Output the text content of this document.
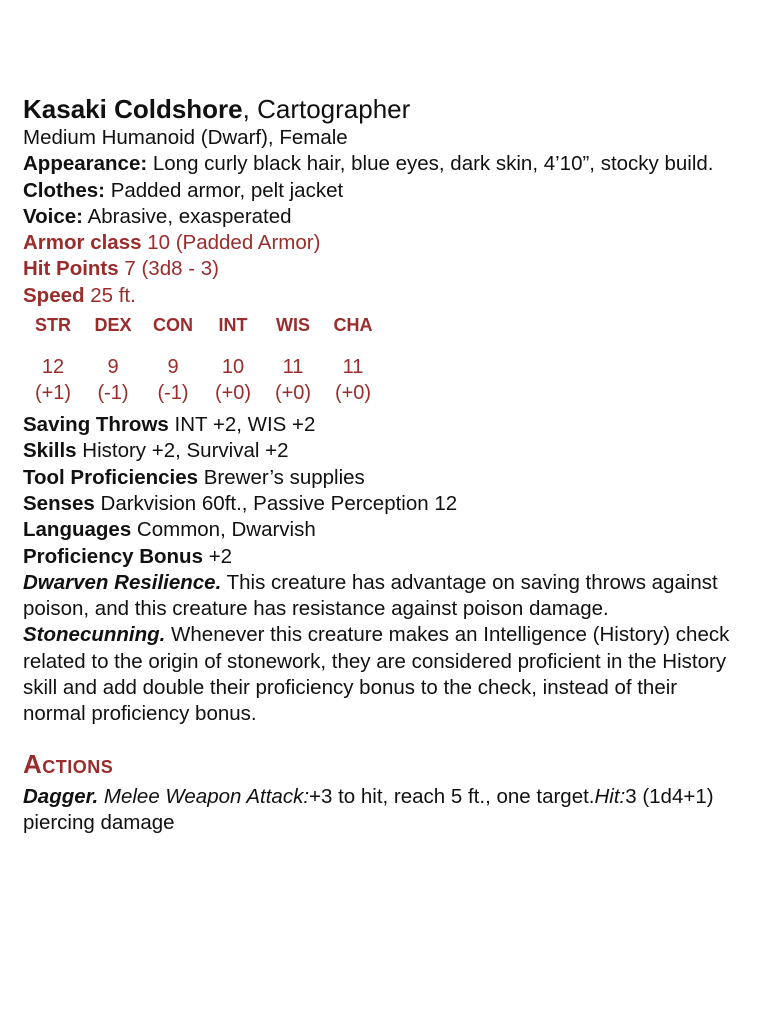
Kasaki Coldshore, Cartographer

Medium Humanoid (Dwarf), Female

Appearance: Long curly black hair, blue eyes, dark skin, 4’10”, stocky build.

Clothes: Padded armor, pelt jacket

Voice: Abrasive, exasperated

Armor class 10 (Padded Armor)

Hit Points 7 (3d8 - 3)

Speed 25 ft.

STR	DEX	CON	INT	WIS	CHA

12	9	9	10	11	11
(+1)	(-1)	(-1)	(+0)	(+0)	(+0)

Saving Throws INT +2, WIS +2

Skills History +2, Survival +2

Tool Proficiencies Brewer’s supplies

Senses Darkvision 60ft., Passive Perception 12

Languages Common, Dwarvish

Proficiency Bonus +2

Dwarven Resilience. This creature has advantage on saving throws against poison, and this creature has resistance against poison damage.

Stonecunning. Whenever this creature makes an Intelligence (History) check related to the origin of stonework, they are considered proficient in the History skill and add double their proficiency bonus to the check, instead of their normal proficiency bonus.

Actions

Dagger. Melee Weapon Attack:+3 to hit, reach 5 ft., one target.Hit:3 (1d4+1) piercing damage
